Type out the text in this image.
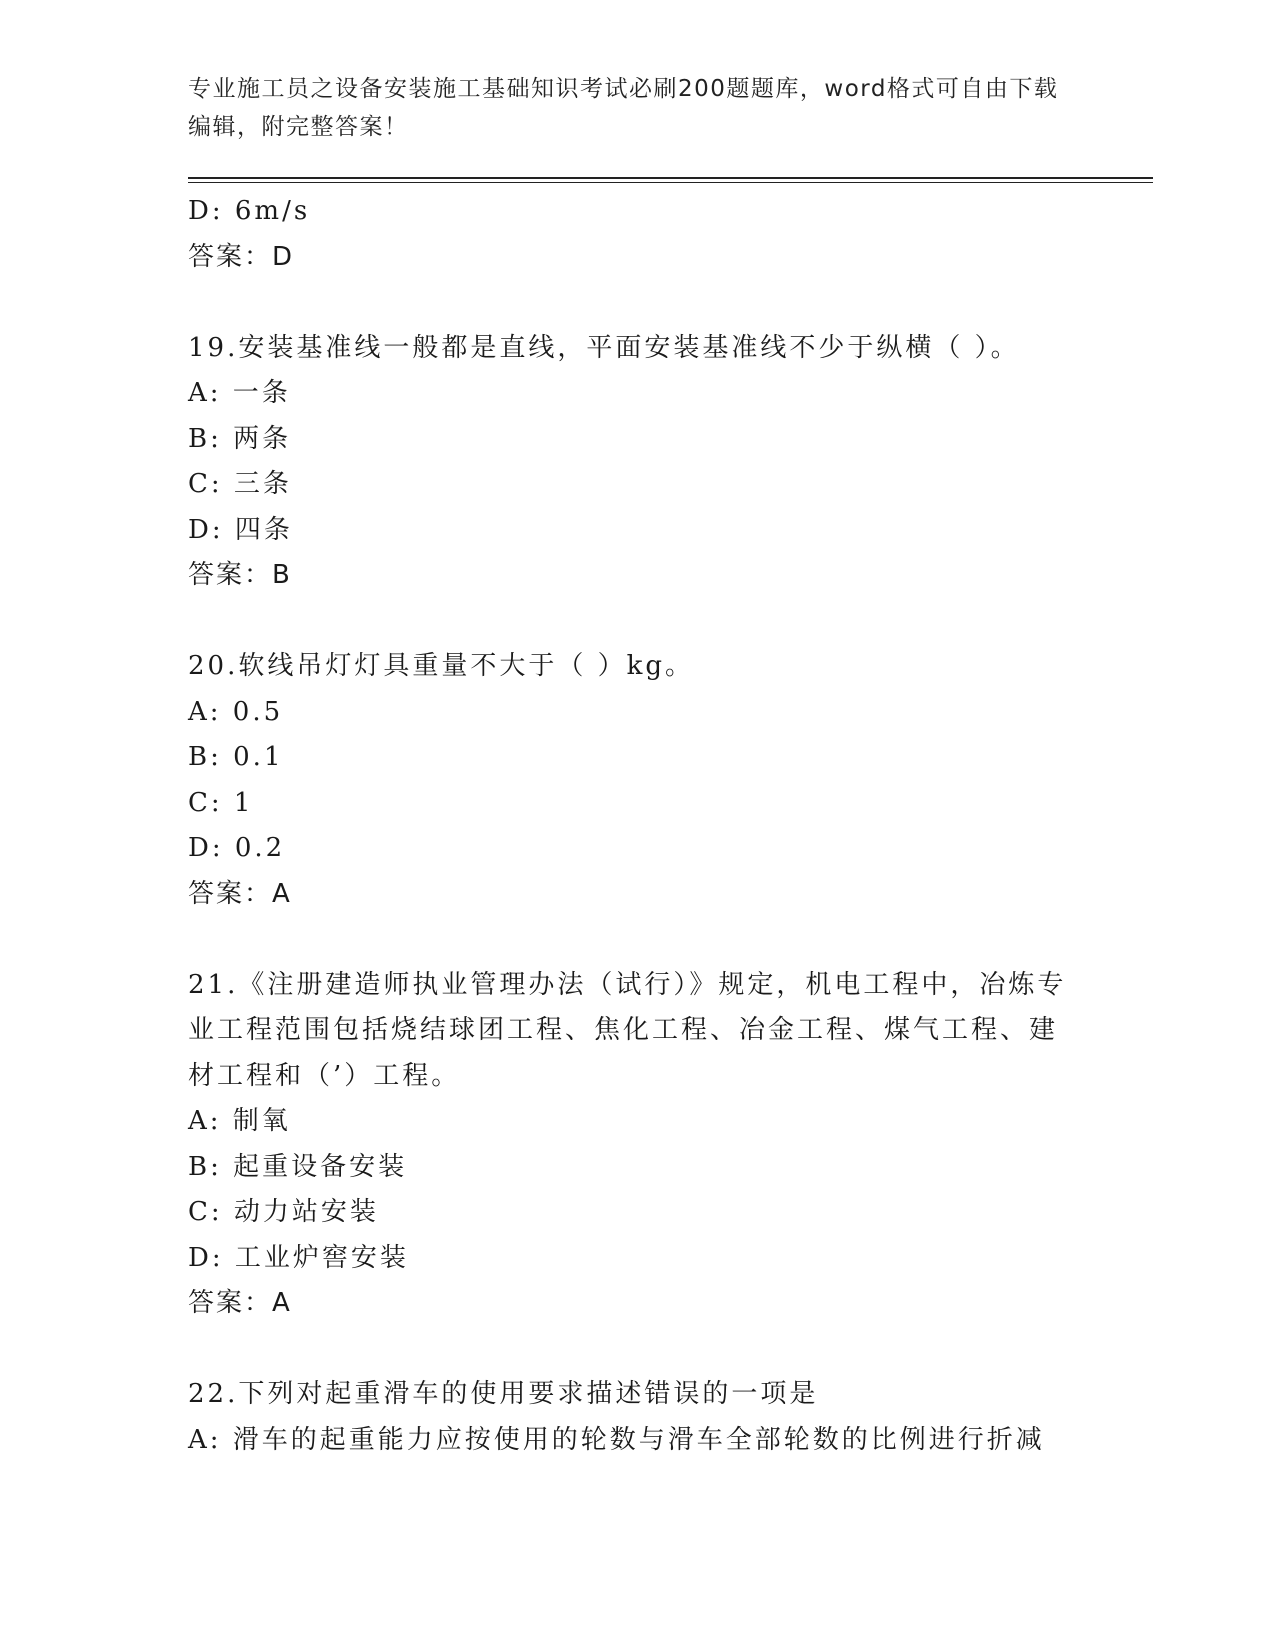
专业施工员之设备安装施工基础知识考试必刷200题题库，word格式可自由下载
编辑，附完整答案！
D: 6m/s
答案：D
19.安装基准线一般都是直线，平面安装基准线不少于纵横（ ）。
A: 一条
B: 两条
C: 三条
D: 四条
答案：B
20.软线吊灯灯具重量不大于（ ）kg。
A: 0.5
B: 0.1
C: 1
D: 0.2
答案：A
21.《注册建造师执业管理办法（试行）》规定，机电工程中，冶炼专
业工程范围包括烧结球团工程、焦化工程、冶金工程、煤气工程、建
材工程和（’）工程。
A: 制氧
B: 起重设备安装
C: 动力站安装
D: 工业炉窖安装
答案：A
22.下列对起重滑车的使用要求描述错误的一项是
A: 滑车的起重能力应按使用的轮数与滑车全部轮数的比例进行折减
